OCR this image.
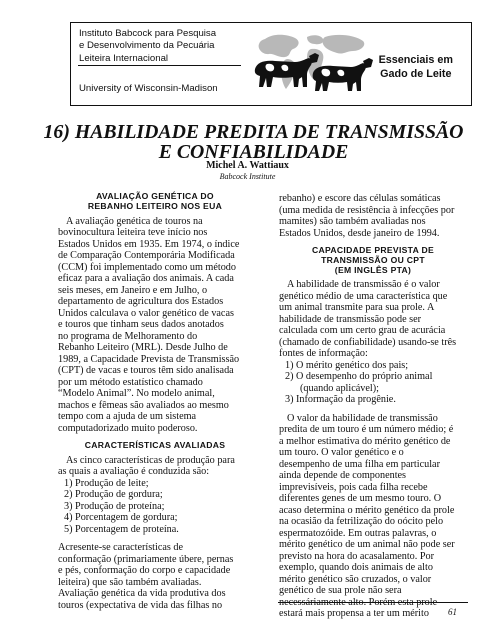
Instituto Babcock para Pesquisa
e Desenvolvimento da Pecuária
Leiteira Internacional
University of Wisconsin-Madison
Essenciais em
Gado de Leite
16) HABILIDADE PREDITA DE TRANSMISSÃO
E CONFIABILIDADE
Michel A. Wattiaux
Babcock Institute
AVALIAÇÃO GENÉTICA DO
REBANHO LEITEIRO NOS EUA
A avaliação genética de touros na
bovinocultura leiteira teve início nos
Estados Unidos em 1935. Em 1974, o índice
de Comparação Contemporária Modificada
(CCM) foi implementado como um método
eficaz para a avaliação dos animais. A cada
seis meses, em Janeiro e em Julho, o
departamento de agricultura dos Estados
Unidos calculava o valor genético de vacas
e touros que tinham seus dados anotados
no programa de Melhoramento do
Rebanho Leiteiro (MRL). Desde Julho de
1989, a Capacidade Prevista de Transmissão
(CPT) de vacas e touros têm sido analisada
por um método estatístico chamado
“Modelo Animal”. No modelo animal,
machos e fêmeas são avaliados ao mesmo
tempo com a ajuda de um sistema
computadorizado muito poderoso.
CARACTERÍSTICAS AVALIADAS
As cinco características de produção para
as quais a avaliação é conduzida são:
1) Produção de leite;
2) Produção de gordura;
3) Produção de proteína;
4) Porcentagem de gordura;
5) Porcentagem de proteína.
Acresente-se características de
conformação (primariamente úbere, pernas
e pés, conformação do corpo e capacidade
leiteira) que são também avaliadas.
Avaliação genética da vida produtiva dos
touros (expectativa de vida das filhas no
rebanho) e escore das células somáticas
(uma medida de resistência à infecções por
mamites) são também avaliadas nos
Estados Unidos, desde janeiro de 1994.
CAPACIDADE PREVISTA DE
TRANSMISSÃO OU CPT
(EM INGLÊS PTA)
A habilidade de transmissão é o valor
genético médio de uma característica que
um animal transmite para sua prole. A
habilidade de transmissão pode ser
calculada com um certo grau de acurácia
(chamado de confiabilidade) usando-se três
fontes de informação:
1) O mérito genético dos pais;
2) O desempenho do próprio animal
(quando aplicável);
3) Informação da progênie.
O valor da habilidade de transmissão
predita de um touro é um número médio; é
a melhor estimativa do mérito genético de
um touro. O valor genético e o
desempenho de uma filha em particular
ainda depende de componentes
imprevisíveis, pois cada filha recebe
diferentes genes de um mesmo touro. O
acaso determina o mérito genético da prole
na ocasião da fetrilização do oócito pelo
espermatozóide. Em outras palavras, o
mérito genético de um animal não pode ser
previsto na hora do acasalamento. Por
exemplo, quando dois animais de alto
mérito genético são cruzados, o valor
genético de sua prole não sera
necessáriamente alto. Porém esta prole
estará mais propensa a ter um mérito	61
